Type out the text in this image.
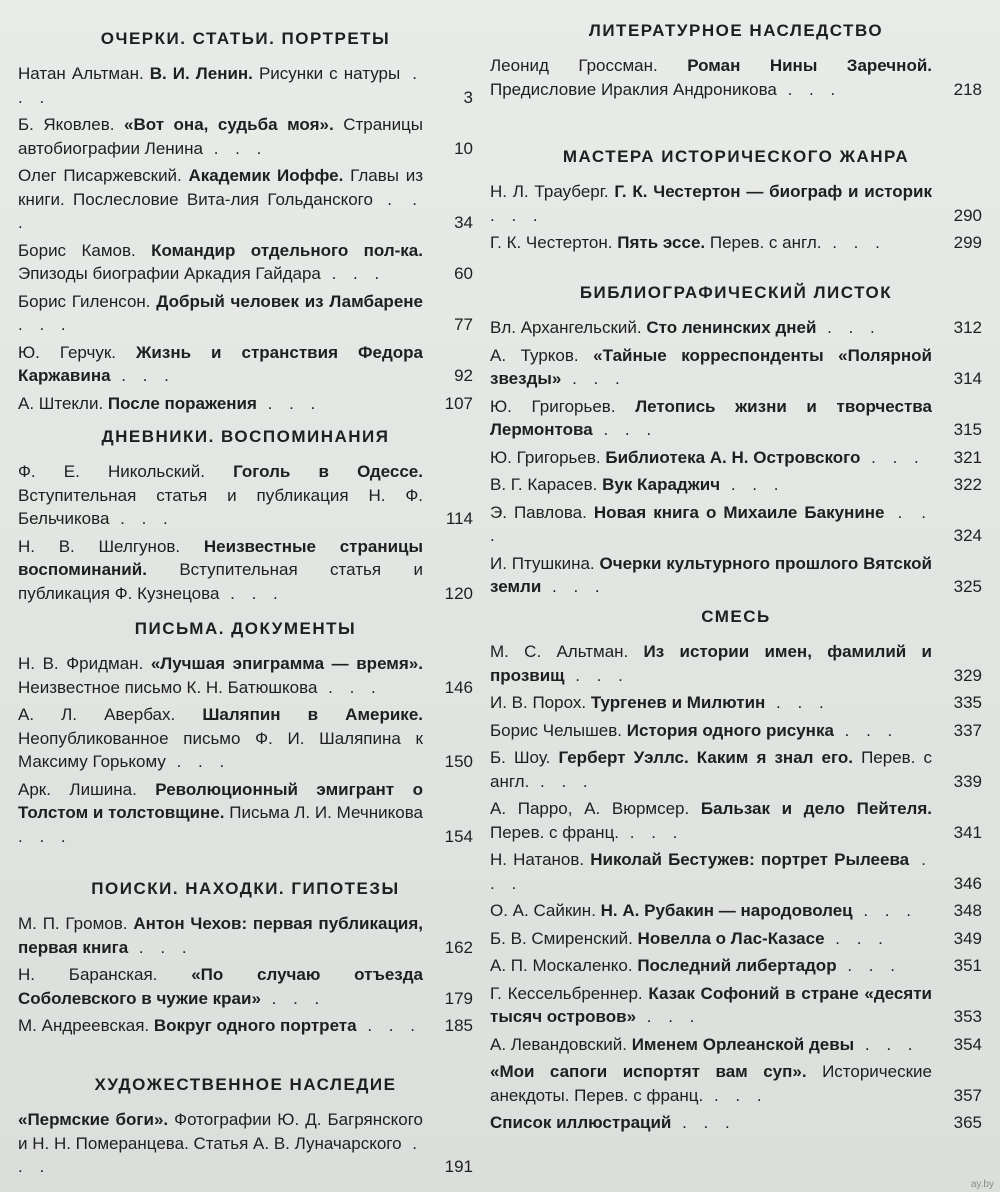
ОЧЕРКИ. СТАТЬИ. ПОРТРЕТЫ
Натан Альтман. В. И. Ленин. Рисунки с натуры . . .	3
Б. Яковлев. «Вот она, судьба моя». Страницы автобиографии Ленина . . .	10
Олег Писаржевский. Академик Иоффе. Главы из книги. Послесловие Вита-лия Гольданского . . .	34
Борис Камов. Командир отдельного пол-ка. Эпизоды биографии Аркадия Гайдара . . .	60
Борис Гиленсон. Добрый человек из Ламбарене . . .	77
Ю. Герчук. Жизнь и странствия Федора Каржавина . . .	92
А. Штекли. После поражения . . .	107
ДНЕВНИКИ. ВОСПОМИНАНИЯ
Ф. Е. Никольский. Гоголь в Одессе. Вступительная статья и публикация Н. Ф. Бельчикова . . .	114
Н. В. Шелгунов. Неизвестные страницы воспоминаний. Вступительная статья и публикация Ф. Кузнецова . . .	120
ПИСЬМА. ДОКУМЕНТЫ
Н. В. Фридман. «Лучшая эпиграмма — время». Неизвестное письмо К. Н. Батюшкова . . .	146
А. Л. Авербах. Шаляпин в Америке. Неопубликованное письмо Ф. И. Шаляпина к Максиму Горькому . . .	150
Арк. Лишина. Революционный эмигрант о Толстом и толстовщине. Письма Л. И. Мечникова . . .	154
ПОИСКИ. НАХОДКИ. ГИПОТЕЗЫ
М. П. Громов. Антон Чехов: первая публикация, первая книга . . .	162
Н. Баранская. «По случаю отъезда Соболевского в чужие краи» . . .	179
М. Андреевская. Вокруг одного портрета . . .	185
ХУДОЖЕСТВЕННОЕ НАСЛЕДИЕ
«Пермские боги». Фотографии Ю. Д. Багрянского и Н. Н. Померанцева. Статья А. В. Луначарского . . .	191
ЛИТЕРАТУРНОЕ НАСЛЕДСТВО
Леонид Гроссман. Роман Нины Заречной. Предисловие Ираклия Андроникова . . .	218
МАСТЕРА ИСТОРИЧЕСКОГО ЖАНРА
Н. Л. Трауберг. Г. К. Честертон — биограф и историк . . .	290
Г. К. Честертон. Пять эссе. Перев. с англ. . . .	299
БИБЛИОГРАФИЧЕСКИЙ ЛИСТОК
Вл. Архангельский. Сто ленинских дней . . .	312
А. Турков. «Тайные корреспонденты «Полярной звезды» . . .	314
Ю. Григорьев. Летопись жизни и творчества Лермонтова . . .	315
Ю. Григорьев. Библиотека А. Н. Островского . . .	321
В. Г. Карасев. Вук Караджич . . .	322
Э. Павлова. Новая книга о Михаиле Бакунине . . .	324
И. Птушкина. Очерки культурного прошлого Вятской земли . . .	325
СМЕСЬ
М. С. Альтман. Из истории имен, фамилий и прозвищ . . .	329
И. В. Порох. Тургенев и Милютин . . .	335
Борис Челышев. История одного рисунка . . .	337
Б. Шоу. Герберт Уэллс. Каким я знал его. Перев. с англ. . . .	339
А. Парро, А. Вюрмсер. Бальзак и дело Пейтеля. Перев. с франц. . . .	341
Н. Натанов. Николай Бестужев: портрет Рылеева . . .	346
О. А. Сайкин. Н. А. Рубакин — народоволец . . .	348
Б. В. Смиренский. Новелла о Лас-Казасе . . .	349
А. П. Москаленко. Последний либертадор . . .	351
Г. Кессельбреннер. Казак Софоний в стране «десяти тысяч островов» . . .	353
А. Левандовский. Именем Орлеанской девы . . .	354
«Мои сапоги испортят вам суп». Исторические анекдоты. Перев. с франц. . . .	357
Список иллюстраций . . .	365
ay.by
